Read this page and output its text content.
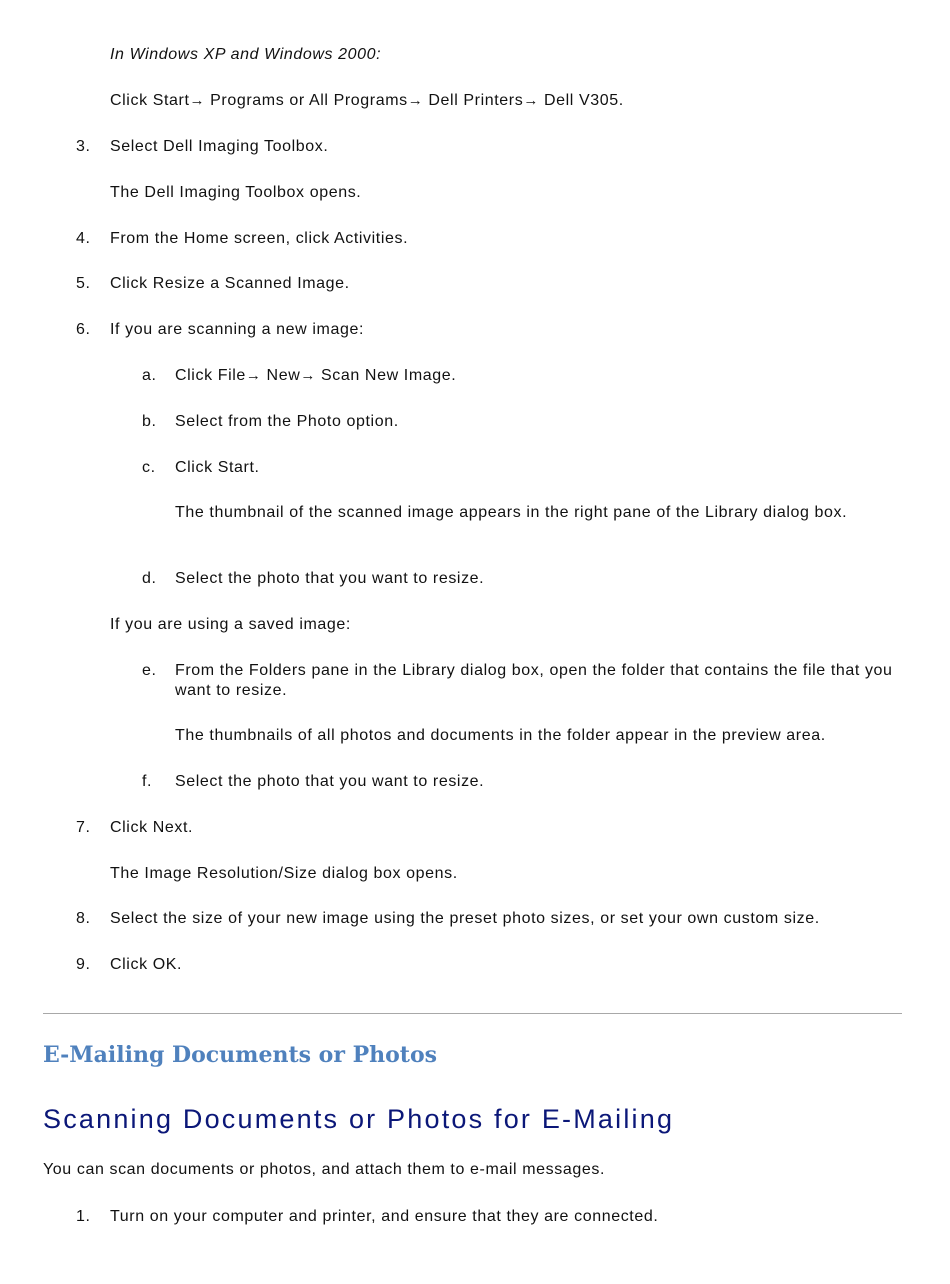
In Windows XP and Windows 2000:
Click Start→ Programs or All Programs→ Dell Printers→ Dell V305.
3. Select Dell Imaging Toolbox.
The Dell Imaging Toolbox opens.
4. From the Home screen, click Activities.
5. Click Resize a Scanned Image.
6. If you are scanning a new image:
a. Click File→ New→ Scan New Image.
b. Select from the Photo option.
c. Click Start.
The thumbnail of the scanned image appears in the right pane of the Library dialog box.
d. Select the photo that you want to resize.
If you are using a saved image:
e. From the Folders pane in the Library dialog box, open the folder that contains the file that you want to resize.
The thumbnails of all photos and documents in the folder appear in the preview area.
f. Select the photo that you want to resize.
7. Click Next.
The Image Resolution/Size dialog box opens.
8. Select the size of your new image using the preset photo sizes, or set your own custom size.
9. Click OK.
E-Mailing Documents or Photos
Scanning Documents or Photos for E-Mailing
You can scan documents or photos, and attach them to e-mail messages.
1. Turn on your computer and printer, and ensure that they are connected.
